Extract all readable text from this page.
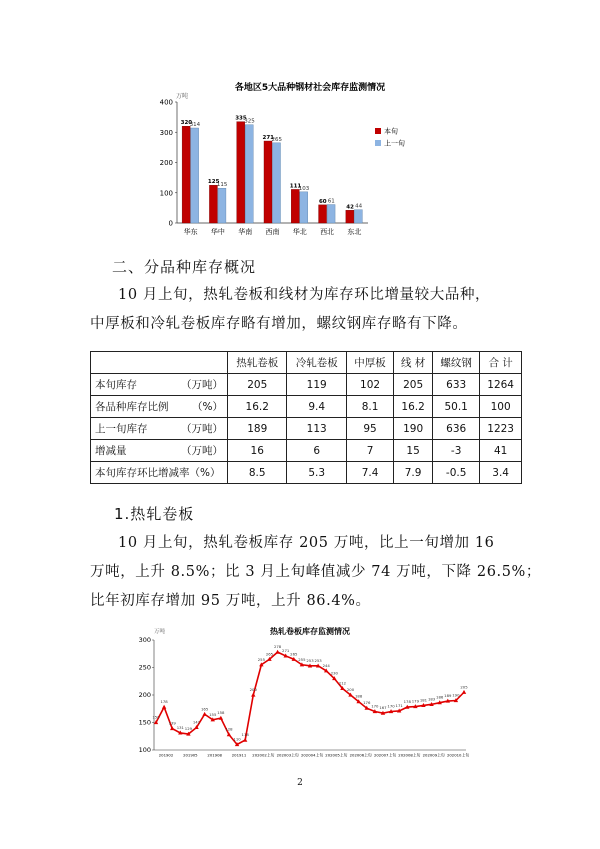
各地区5大品种钢材社会库存监测情况
万吨
0
100
200
300
400
320
314
华东
125
115
华中
335
325
华南
271
265
西南
111
103
华北
60 61
西北
42 44
东北
本旬
上一旬
二、分品种库存概况
10 月上旬，热轧卷板和线材为库存环比增量较大品种，
中厚板和冷轧卷板库存略有增加，螺纹钢库存略有下降。
	热轧卷板	冷轧卷板	中厚板	线 材	螺纹钢	合 计
本旬库存 （万吨）	205	119	102	205	633	1264
各品种库存比例 （%）	16.2	9.4	8.1	16.2	50.1	100
上一旬库存 （万吨）	189	113	95	190	636	1223
增减量 （万吨）	16	6	7	15	-3	41
本旬库存环比增减率（%）	8.5	5.3	7.4	7.9	-0.5	3.4
1.热轧卷板
10 月上旬，热轧卷板库存 205 万吨，比上一旬增加 16
万吨，上升 8.5%；比 3 月上旬峰值减少 74 万吨，下降 26.5%；
比年初库存增加 95 万吨，上升 86.4%。
热轧卷板库存监测情况
万吨
100
150
200
250
300
150
178
139
131 129
141
165
155 158
128
110
118
200
255
265
278
271
265
255 253 253
244
230
212
200
188
176
170 167 170 171
178 179 181 183 186 189 190
205
201902	201905	201908	201911 202002上旬 202003上旬 202004上旬 202005上旬 202006上旬 202007上旬 202008上旬 202009上旬 202010上旬
2
